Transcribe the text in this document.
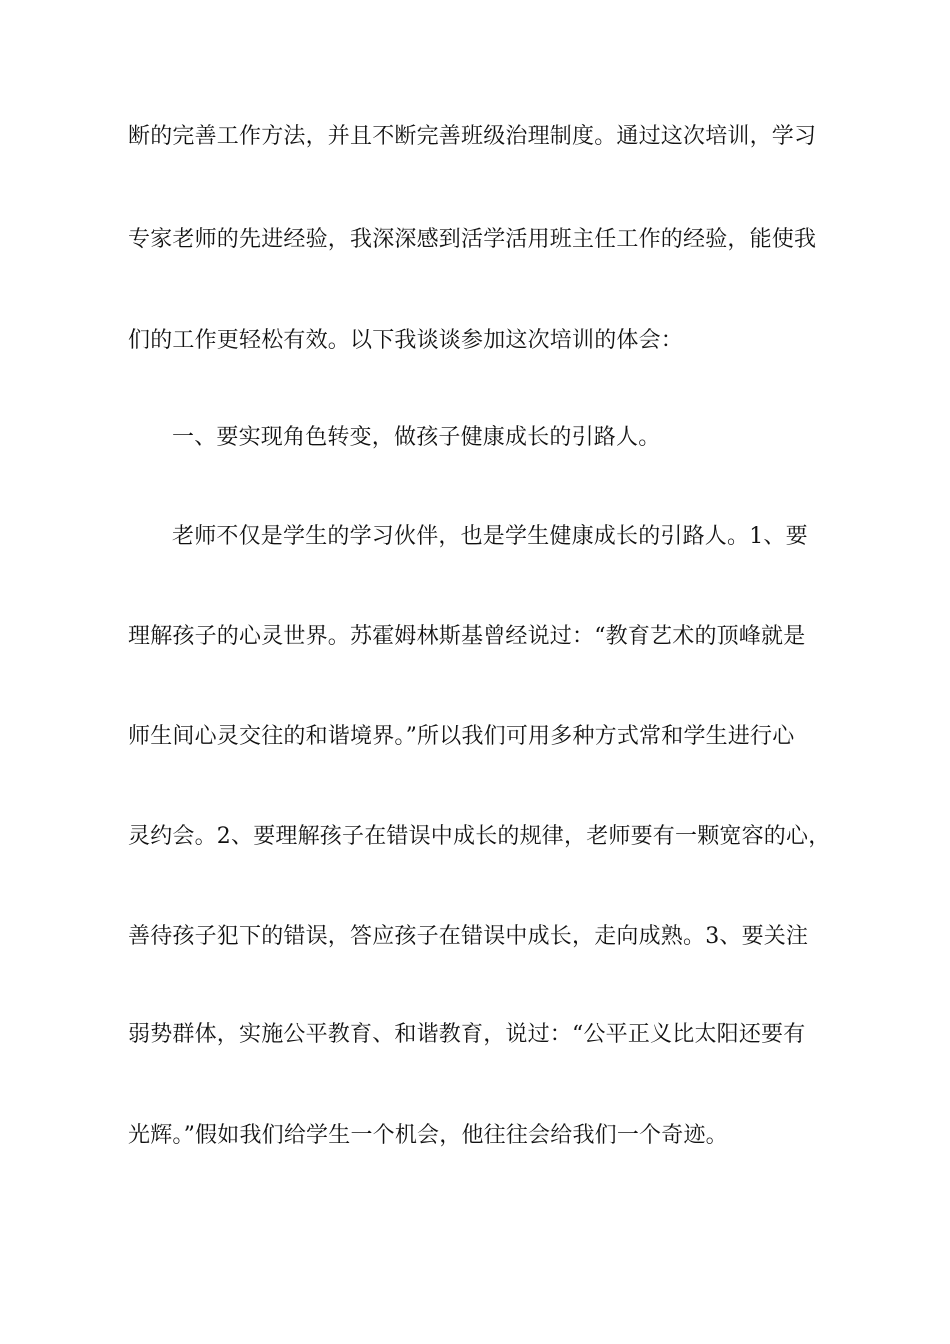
断的完善工作方法，并且不断完善班级治理制度。通过这次培训，学习
专家老师的先进经验，我深深感到活学活用班主任工作的经验，能使我
们的工作更轻松有效。以下我谈谈参加这次培训的体会：
一、要实现角色转变，做孩子健康成长的引路人。
老师不仅是学生的学习伙伴，也是学生健康成长的引路人。1、要
理解孩子的心灵世界。苏霍姆林斯基曾经说过：“教育艺术的顶峰就是
师生间心灵交往的和谐境界。”所以我们可用多种方式常和学生进行心
灵约会。2、要理解孩子在错误中成长的规律，老师要有一颗宽容的心，
善待孩子犯下的错误，答应孩子在错误中成长，走向成熟。3、要关注
弱势群体，实施公平教育、和谐教育，说过：“公平正义比太阳还要有
光辉。”假如我们给学生一个机会，他往往会给我们一个奇迹。
